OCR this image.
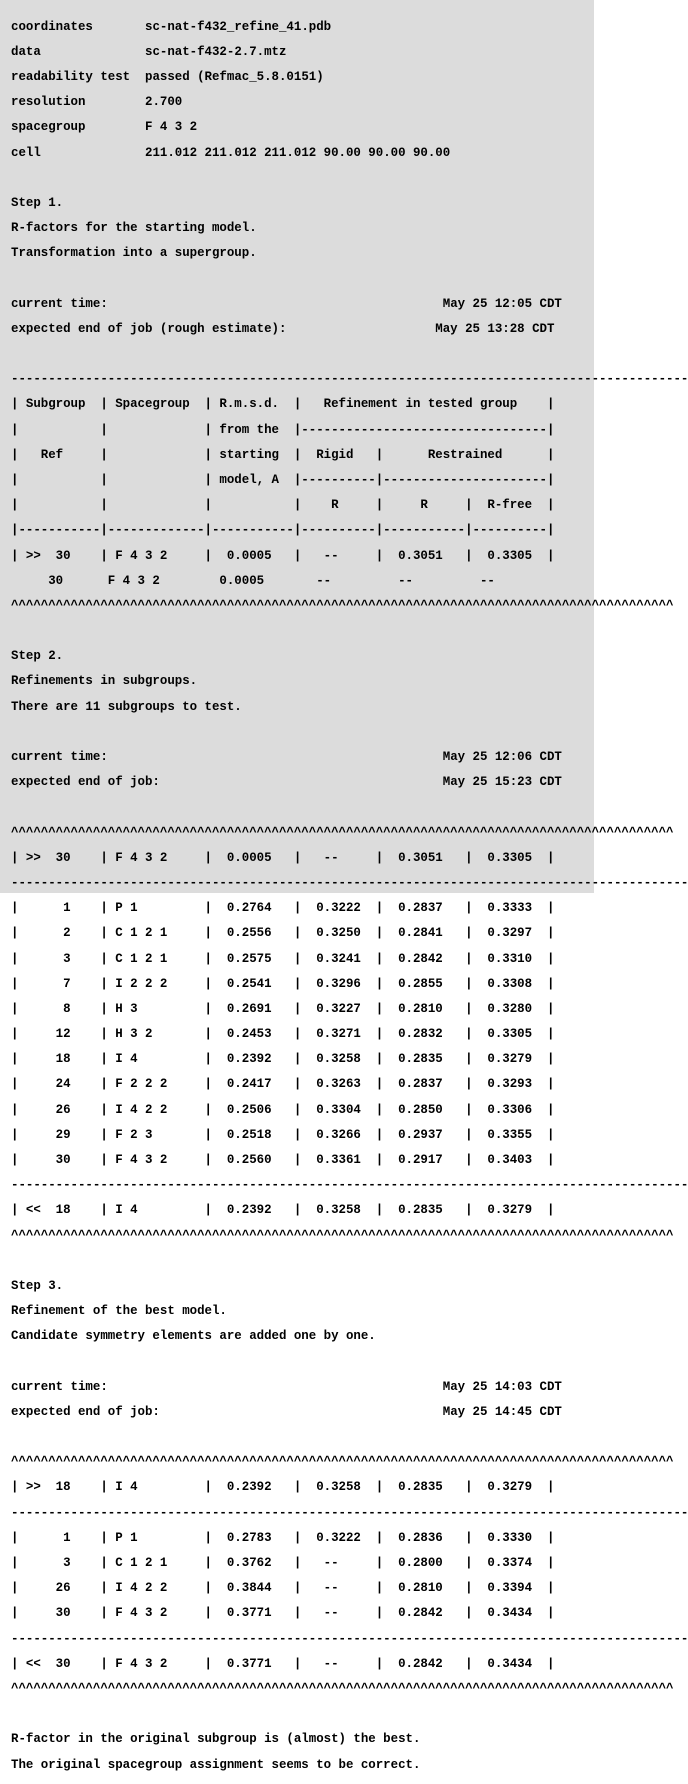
coordinates	sc-nat-f432_refine_41.pdb

data	sc-nat-f432-2.7.mtz

readability test passed (Refmac_5.8.0151)

resolution	2.700

spacegroup	F 4 3 2

cell	211.012 211.012 211.012 90.00 90.00 90.00

Step 1.

R-factors for the starting model.

Transformation into a supergroup.

current time:	May 25 12:05 CDT

expected end of job (rough estimate):	May 25 13:28 CDT

-------------------------------------------------------------------------------------------

| Subgroup  | Spacegroup  | R.m.s.d.  |   Refinement in tested group    |

|           |             | from the  |---------------------------------|

|   Ref     |             | starting  |  Rigid   |      Restrained      |

|           |             | model, A  |----------|----------------------|

|           |             |           |    R     |     R     |  R-free  |

|-----------|-------------|-----------|----------|-----------|----------|

| >>  30    | F 4 3 2     |  0.0005   |   --     |  0.3051   |  0.3305  |

30      F 4 3 2        0.0005       --         --         --

^^^^^^^^^^^^^^^^^^^^^^^^^^^^^^^^^^^^^^^^^^^^^^^^^^^^^^^^^^^^^^^^^^^^^^^^^^^^^^^^^^^^^^^^^

Step 2.

Refinements in subgroups.

There are 11 subgroups to test.

current time:	May 25 12:06 CDT

expected end of job:	May 25 15:23 CDT

^^^^^^^^^^^^^^^^^^^^^^^^^^^^^^^^^^^^^^^^^^^^^^^^^^^^^^^^^^^^^^^^^^^^^^^^^^^^^^^^^^^^^^^^^

| >>  30    | F 4 3 2     |  0.0005   |   --     |  0.3051   |  0.3305  |

-------------------------------------------------------------------------------------------

|      1    | P 1         |  0.2764   |  0.3222  |  0.2837   |  0.3333  |

|      2    | C 1 2 1     |  0.2556   |  0.3250  |  0.2841   |  0.3297  |

|      3    | C 1 2 1     |  0.2575   |  0.3241  |  0.2842   |  0.3310  |

|      7    | I 2 2 2     |  0.2541   |  0.3296  |  0.2855   |  0.3308  |

|      8    | H 3         |  0.2691   |  0.3227  |  0.2810   |  0.3280  |

|     12    | H 3 2       |  0.2453   |  0.3271  |  0.2832   |  0.3305  |

|     18    | I 4         |  0.2392   |  0.3258  |  0.2835   |  0.3279  |

|     24    | F 2 2 2     |  0.2417   |  0.3263  |  0.2837   |  0.3293  |

|     26    | I 4 2 2     |  0.2506   |  0.3304  |  0.2850   |  0.3306  |

|     29    | F 2 3       |  0.2518   |  0.3266  |  0.2937   |  0.3355  |

|     30    | F 4 3 2     |  0.2560   |  0.3361  |  0.2917   |  0.3403  |

-------------------------------------------------------------------------------------------

| <<  18    | I 4         |  0.2392   |  0.3258  |  0.2835   |  0.3279  |

^^^^^^^^^^^^^^^^^^^^^^^^^^^^^^^^^^^^^^^^^^^^^^^^^^^^^^^^^^^^^^^^^^^^^^^^^^^^^^^^^^^^^^^^^

Step 3.

Refinement of the best model.

Candidate symmetry elements are added one by one.

current time:	May 25 14:03 CDT

expected end of job:	May 25 14:45 CDT

^^^^^^^^^^^^^^^^^^^^^^^^^^^^^^^^^^^^^^^^^^^^^^^^^^^^^^^^^^^^^^^^^^^^^^^^^^^^^^^^^^^^^^^^^

| >>  18    | I 4         |  0.2392   |  0.3258  |  0.2835   |  0.3279  |

-------------------------------------------------------------------------------------------

|      1    | P 1         |  0.2783   |  0.3222  |  0.2836   |  0.3330  |

|      3    | C 1 2 1     |  0.3762   |   --     |  0.2800   |  0.3374  |

|     26    | I 4 2 2     |  0.3844   |   --     |  0.2810   |  0.3394  |

|     30    | F 4 3 2     |  0.3771   |   --     |  0.2842   |  0.3434  |

-------------------------------------------------------------------------------------------

| <<  30    | F 4 3 2     |  0.3771   |   --     |  0.2842   |  0.3434  |

^^^^^^^^^^^^^^^^^^^^^^^^^^^^^^^^^^^^^^^^^^^^^^^^^^^^^^^^^^^^^^^^^^^^^^^^^^^^^^^^^^^^^^^^^

R-factor in the original subgroup is (almost) the best.

The original spacegroup assignment seems to be correct.
